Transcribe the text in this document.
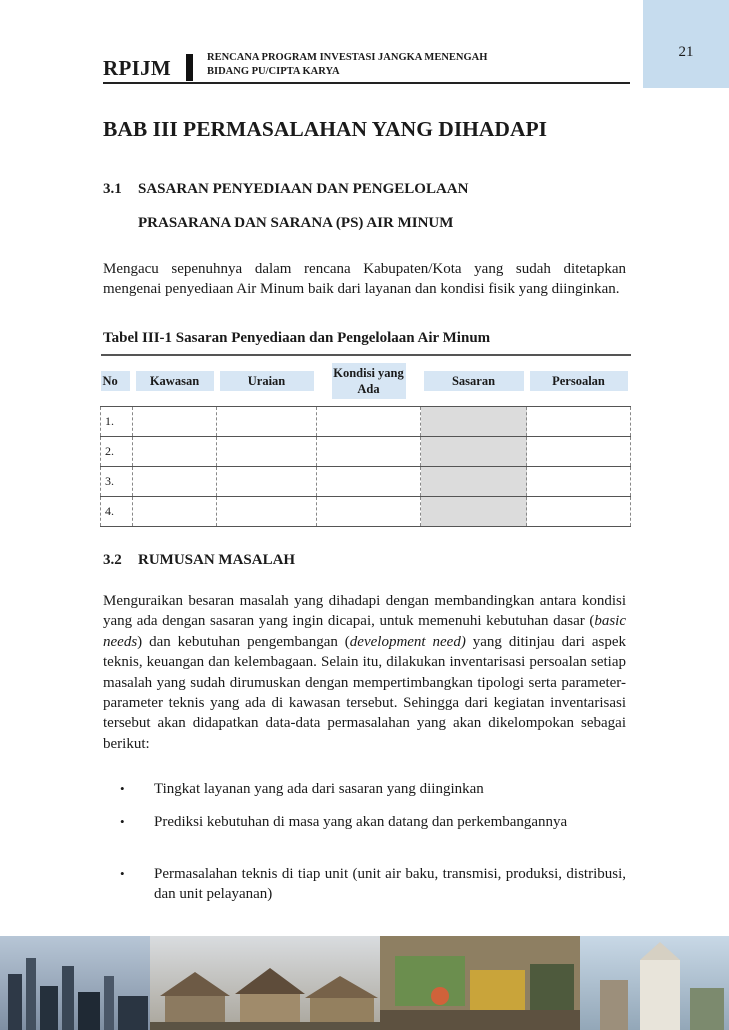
21
RPIJM	RENCANA PROGRAM INVESTASI JANGKA MENENGAH
BIDANG PU/CIPTA KARYA
BAB III PERMASALAHAN YANG DIHADAPI
3.1 SASARAN PENYEDIAAN DAN PENGELOLAAN
PRASARANA DAN SARANA (PS) AIR MINUM

Mengacu sepenuhnya dalam rencana Kabupaten/Kota yang sudah ditetapkan mengenai penyediaan Air Minum baik dari layanan dan kondisi fisik yang diinginkan.

Tabel III-1 Sasaran Penyediaan dan Pengelolaan Air Minum
No	Kawasan	Uraian	Kondisi yang Ada	Sasaran	Persoalan

1.					
2.					
3.					
4.					
3.2 RUMUSAN MASALAH

Menguraikan besaran masalah yang dihadapi dengan membandingkan antara kondisi yang ada dengan sasaran yang ingin dicapai, untuk memenuhi kebutuhan dasar (basic needs) dan kebutuhan pengembangan (development need) yang ditinjau dari aspek teknis, keuangan dan kelembagaan. Selain itu, dilakukan inventarisasi persoalan setiap masalah yang sudah dirumuskan dengan mempertimbangkan tipologi serta parameter-parameter teknis yang ada di kawasan tersebut. Sehingga dari kegiatan inventarisasi tersebut akan didapatkan data-data permasalahan yang akan dikelompokan sebagai berikut:

• Tingkat layanan yang ada dari sasaran yang diinginkan
• Prediksi kebutuhan di masa yang akan datang dan perkembangannya
• Permasalahan teknis di tiap unit (unit air baku, transmisi, produksi, distribusi, dan unit pelayanan)
